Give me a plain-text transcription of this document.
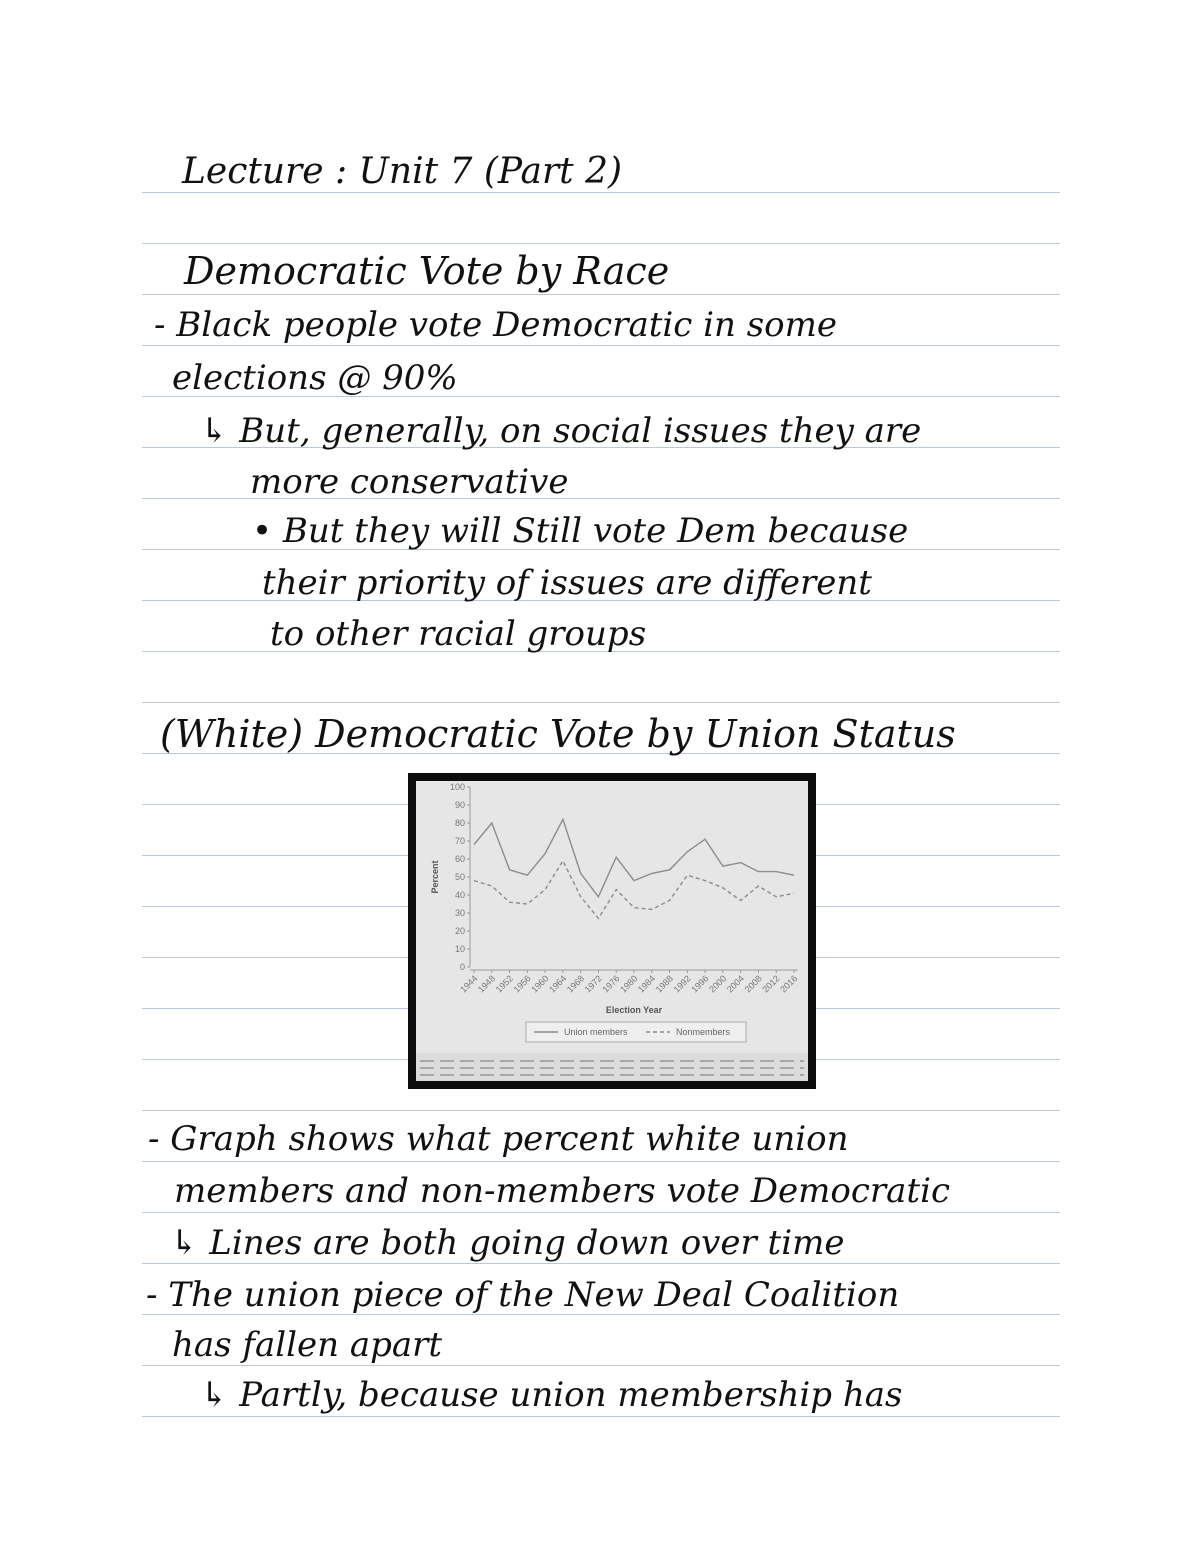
Lecture : Unit 7 (Part 2)
Democratic Vote by Race
- Black people vote Democratic in some
elections @ 90%
↳ But, generally, on social issues they are
more conservative
• But they will Still vote Dem because
their priority of issues are different
to other racial groups
(White) Democratic Vote by Union Status
0
10
20
30
40
50
60
70
80
90
100
Percent
1944
1948
1952
1956
1960
1964
1968
1972
1976
1980
1984
1988
1992
1996
2000
2004
2008
2012
2016
Election Year
Union members	Nonmembers
- Graph shows what percent white union
members and non-members vote Democratic
↳ Lines are both going down over time
- The union piece of the New Deal Coalition
has fallen apart
↳ Partly, because union membership has
